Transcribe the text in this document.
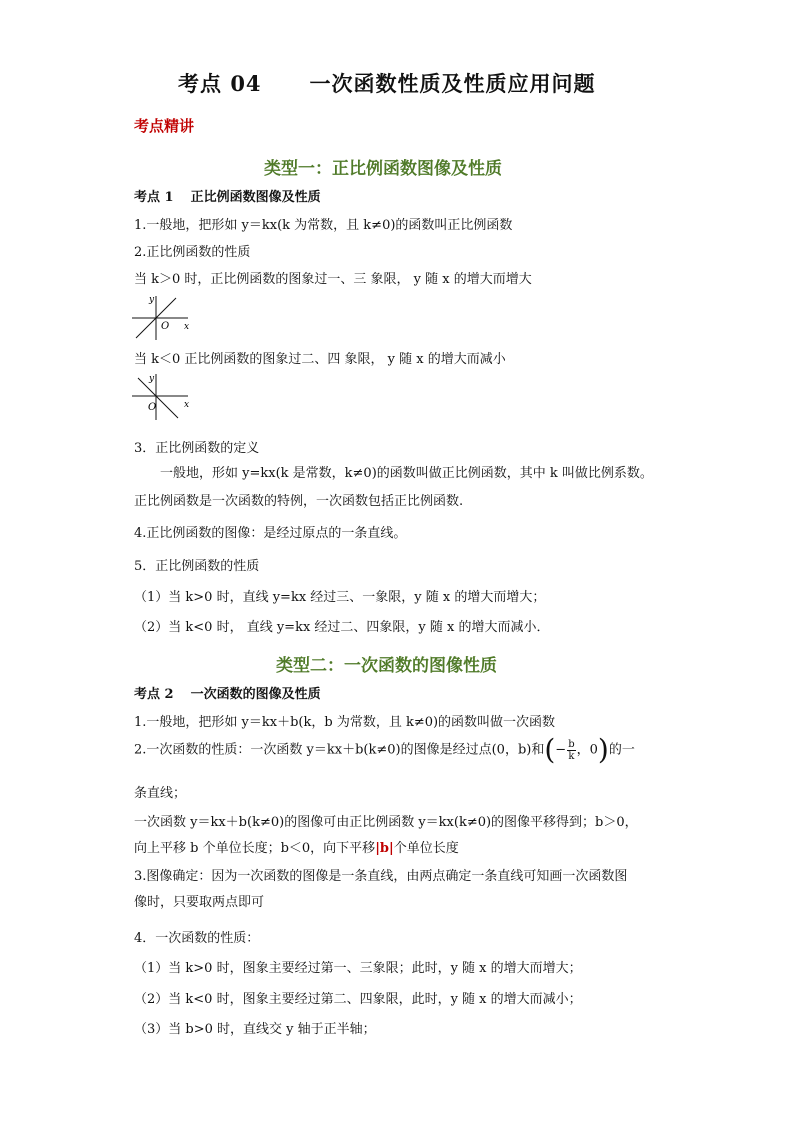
考点 04 一次函数性质及性质应用问题
考点精讲
类型一：正比例函数图像及性质
考点 1 正比例函数图像及性质
1.一般地，把形如 y＝kx(k 为常数，且 k≠0)的函数叫正比例函数
2.正比例函数的性质
当 k＞0 时，正比例函数的图象过一、三 象限， y 随 x 的增大而增大
y
O x
当 k＜0 正比例函数的图象过二、四 象限， y 随 x 的增大而减小
y
O	x
3．正比例函数的定义
一般地，形如 y=kx(k 是常数，k≠0)的函数叫做正比例函数，其中 k 叫做比例系数。
正比例函数是一次函数的特例，一次函数包括正比例函数.
4.正比例函数的图像：是经过原点的一条直线。
5．正比例函数的性质
（1）当 k>0 时，直线 y=kx 经过三、一象限，y 随 x 的增大而增大；
（2）当 k<0 时， 直线 y=kx 经过二、四象限，y 随 x 的增大而减小．
类型二：一次函数的图像性质
考点 2 一次函数的图像及性质
1.一般地，把形如 y＝kx＋b(k，b 为常数，且 k≠0)的函数叫做一次函数
2.一次函数的性质：一次函数 y＝kx＋b(k≠0)的图像是经过点(0，b)和(− $\frac{b}{k}$ ，0)的一
条直线；
一次函数 y＝kx＋b(k≠0)的图像可由正比例函数 y＝kx(k≠0)的图像平移得到；b＞0，
向上平移 b 个单位长度；b＜0，向下平移|b|个单位长度
3.图像确定：因为一次函数的图像是一条直线，由两点确定一条直线可知画一次函数图
像时，只要取两点即可
4．一次函数的性质：
（1）当 k>0 时，图象主要经过第一、三象限；此时，y 随 x 的增大而增大；
（2）当 k<0 时，图象主要经过第二、四象限，此时，y 随 x 的增大而减小；
（3）当 b>0 时，直线交 y 轴于正半轴；
